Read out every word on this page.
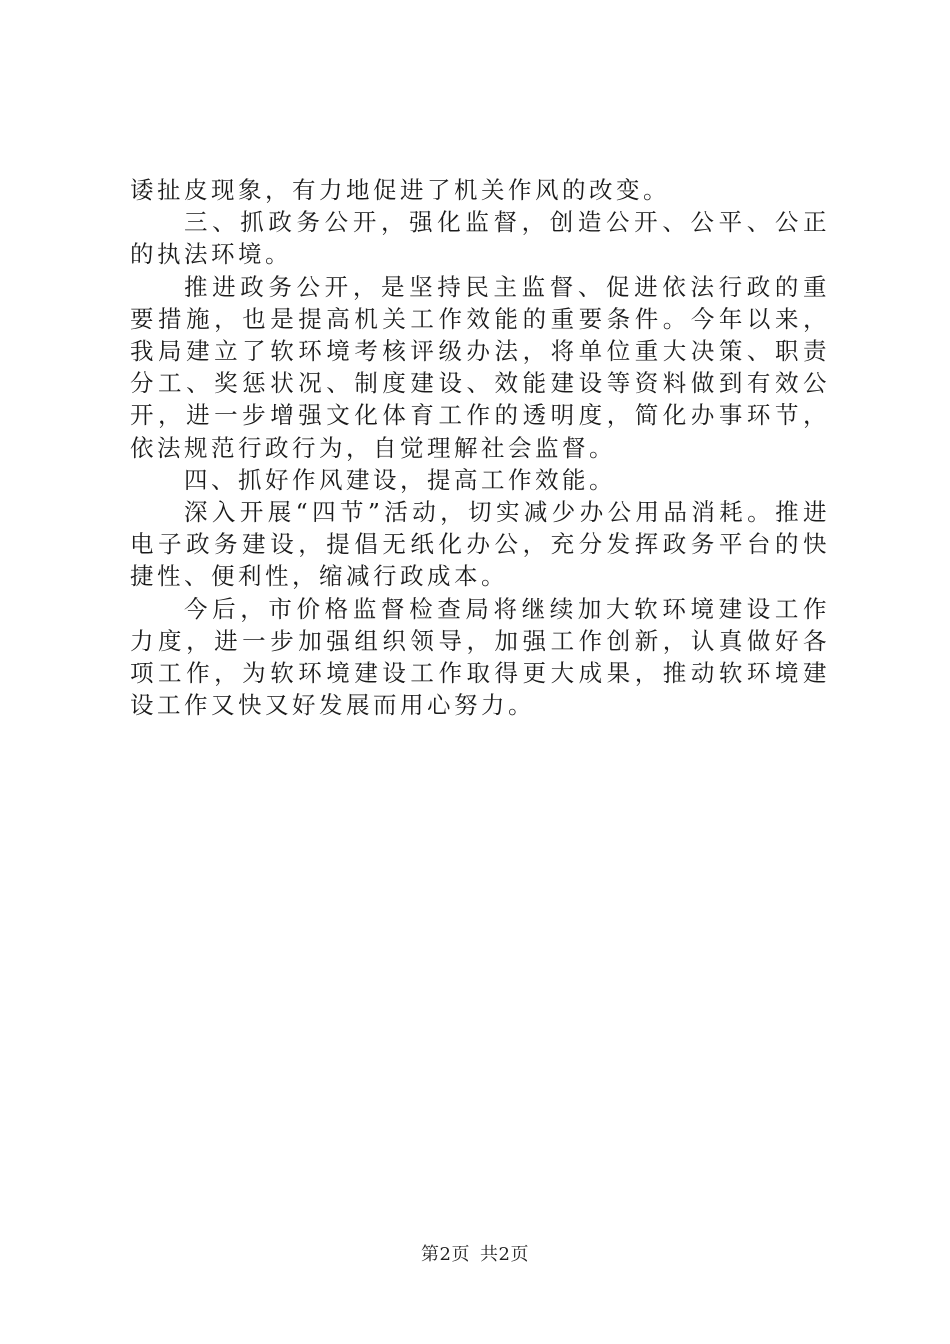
诿扯皮现象，有力地促进了机关作风的改变。

三、抓政务公开，强化监督，创造公开、公平、公正的执法环境。

推进政务公开，是坚持民主监督、促进依法行政的重要措施，也是提高机关工作效能的重要条件。今年以来，我局建立了软环境考核评级办法，将单位重大决策、职责分工、奖惩状况、制度建设、效能建设等资料做到有效公开，进一步增强文化体育工作的透明度，简化办事环节，依法规范行政行为，自觉理解社会监督。

四、抓好作风建设，提高工作效能。

深入开展“四节”活动，切实减少办公用品消耗。推进电子政务建设，提倡无纸化办公，充分发挥政务平台的快捷性、便利性，缩减行政成本。

今后，市价格监督检查局将继续加大软环境建设工作力度，进一步加强组织领导，加强工作创新，认真做好各项工作，为软环境建设工作取得更大成果，推动软环境建设工作又快又好发展而用心努力。

第2页 共2页
